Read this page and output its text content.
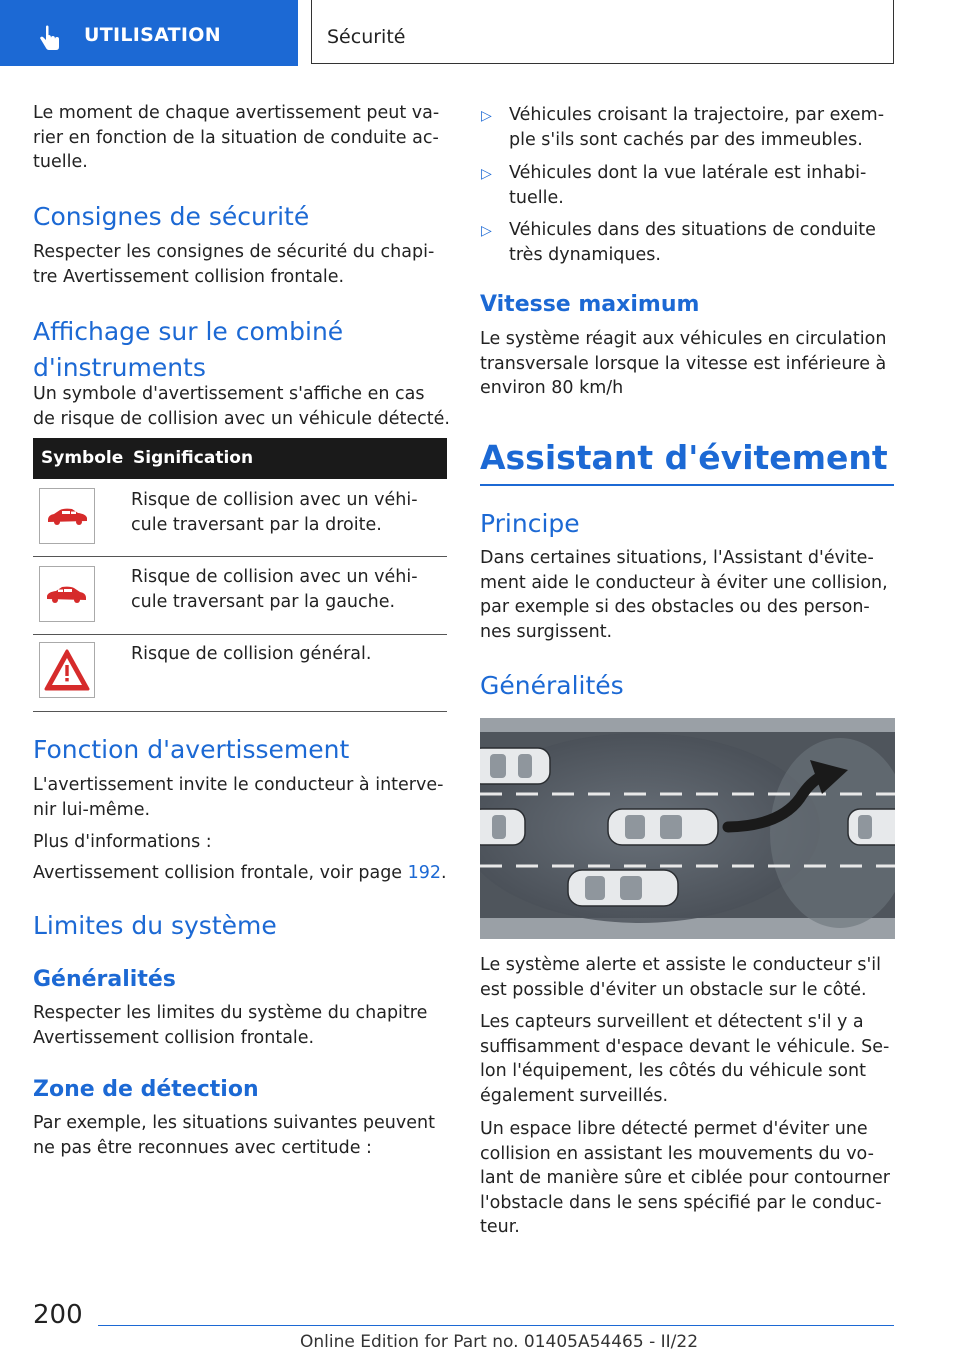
UTILISATION	Sécurité

Le moment de chaque avertissement peut va-
rier en fonction de la situation de conduite ac-
tuelle.

Consignes de sécurité

Respecter les consignes de sécurité du chapi-
tre Avertissement collision frontale.

Affichage sur le combiné
d'instruments

Un symbole d'avertissement s'affiche en cas
de risque de collision avec un véhicule détecté.

Symbole Signification

Risque de collision avec un véhi-
cule traversant par la droite.

Risque de collision avec un véhi-
cule traversant par la gauche.

Risque de collision général.

Fonction d'avertissement

L'avertissement invite le conducteur à interve-
nir lui-même.

Plus d'informations :

Avertissement collision frontale, voir page 192.

Limites du système
Généralités

Respecter les limites du système du chapitre
Avertissement collision frontale.

Zone de détection

Par exemple, les situations suivantes peuvent
ne pas être reconnues avec certitude :

▷ Véhicules croisant la trajectoire, par exem-
ple s'ils sont cachés par des immeubles.

▷ Véhicules dont la vue latérale est inhabi-
tuelle.

▷ Véhicules dans des situations de conduite
très dynamiques.

Vitesse maximum

Le système réagit aux véhicules en circulation
transversale lorsque la vitesse est inférieure à
environ 80 km/h

Assistant d'évitement
Principe

Dans certaines situations, l'Assistant d'évite-
ment aide le conducteur à éviter une collision,
par exemple si des obstacles ou des person-
nes surgissent.

Généralités

Le système alerte et assiste le conducteur s'il
est possible d'éviter un obstacle sur le côté.

Les capteurs surveillent et détectent s'il y a
suffisamment d'espace devant le véhicule. Se-
lon l'équipement, les côtés du véhicule sont
également surveillés.

Un espace libre détecté permet d'éviter une
collision en assistant les mouvements du vo-
lant de manière sûre et ciblée pour contourner
l'obstacle dans le sens spécifié par le conduc-
teur.

200
Online Edition for Part no. 01405A54465 - II/22
